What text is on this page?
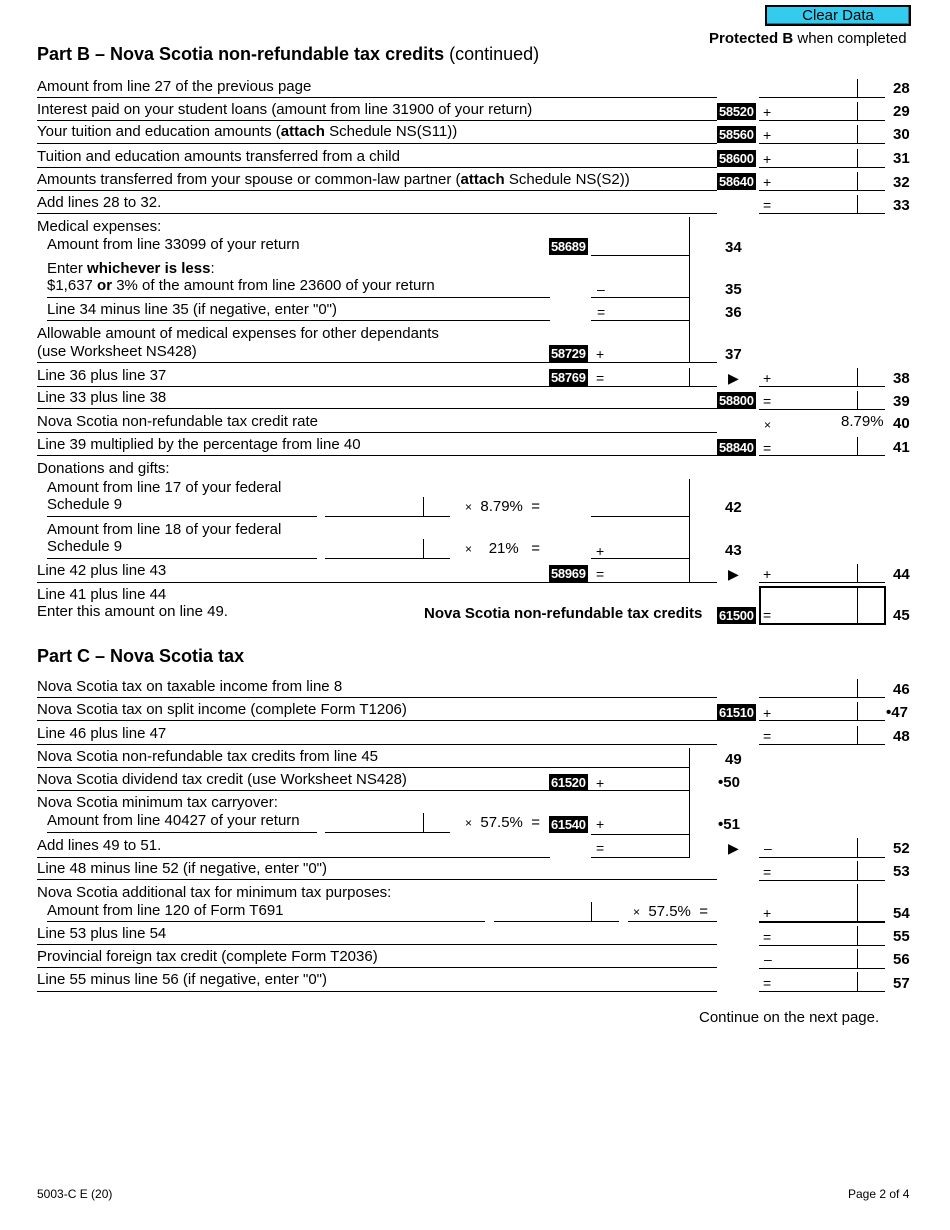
Clear Data
Protected B when completed
Part B – Nova Scotia non-refundable tax credits (continued)
Amount from line 27 of the previous page	28
Interest paid on your student loans (amount from line 31900 of your return)	58520 +	29
Your tuition and education amounts (attach Schedule NS(S11))	58560 +	30
Tuition and education amounts transferred from a child	58600 +	31
Amounts transferred from your spouse or common-law partner (attach Schedule NS(S2))	58640 +	32
Add lines 28 to 32.	=	33
Medical expenses:
Amount from line 33099 of your return	58689	34
Enter whichever is less:
$1,637 or 3% of the amount from line 23600 of your return	–	35
Line 34 minus line 35 (if negative, enter "0")	=	36
Allowable amount of medical expenses for other dependants
(use Worksheet NS428)	58729 +	37
Line 36 plus line 37	58769 =	▶ +	38
Line 33 plus line 38	58800 =	39
Nova Scotia non-refundable tax credit rate	×	8.79% 40
Line 39 multiplied by the percentage from line 40	58840 =	41
Donations and gifts:
Amount from line 17 of your federal
Schedule 9	× 8.79%  =	42
Amount from line 18 of your federal
Schedule 9	× 21%   =	+	43
Line 42 plus line 43	58969 =	▶ +	44
Line 41 plus line 44
Enter this amount on line 49.	Nova Scotia non-refundable tax credits 61500 =	45
Part C – Nova Scotia tax
Nova Scotia tax on taxable income from line 8	46
Nova Scotia tax on split income (complete Form T1206)	61510 +	•47
Line 46 plus line 47	=	48
Nova Scotia non-refundable tax credits from line 45	49
Nova Scotia dividend tax credit (use Worksheet NS428)	61520 +	•50
Nova Scotia minimum tax carryover:
Amount from line 40427 of your return	× 57.5%  = 61540 +	•51
Add lines 49 to 51.	=	▶ –	52
Line 48 minus line 52 (if negative, enter "0")	=	53
Nova Scotia additional tax for minimum tax purposes:
Amount from line 120 of Form T691	× 57.5%  =	+	54
Line 53 plus line 54	=	55
Provincial foreign tax credit (complete Form T2036)	–	56
Line 55 minus line 56 (if negative, enter "0")	=	57
Continue on the next page.
5003-C E (20)	Page 2 of 4
